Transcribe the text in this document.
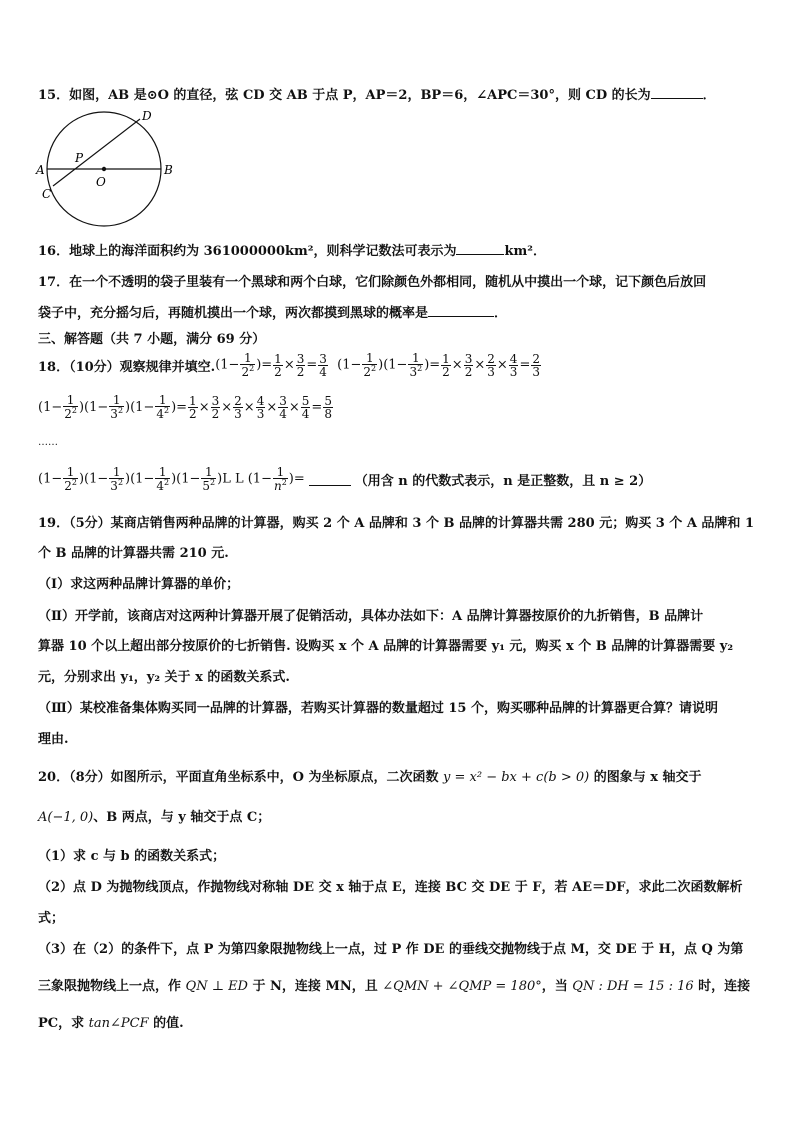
15．如图，AB 是⊙O 的直径，弦 CD 交 AB 于点 P，AP＝2，BP＝6，∠APC＝30°，则 CD 的长为	．
A	B
C
D
O
P
16．地球上的海洋面积约为 361000000km²，则科学记数法可表示为	km²．
17．在一个不透明的袋子里装有一个黑球和两个白球，它们除颜色外都相同，随机从中摸出一个球，记下颜色后放回
袋子中，充分摇匀后，再随机摸出一个球，两次都摸到黑球的概率是	．
三、解答题（共 7 小题，满分 69 分）
18．（10分）观察规律并填空. ($1- \frac{1}{2^2}$ )= $\frac{1}{2} \times \frac{3}{2} = \frac{3}{4} (1- \frac{1}{2^2} )(1- \frac{1}{3^2}$ )= $\frac{1}{2} \times \frac{3}{2} \times \frac{2}{3} \times \frac{4}{3} = \frac{2}{3}$
$(1- \frac{1}{2^2} )(1- \frac{1}{3^2} )(1- \frac{1}{4^2}$ )= $\frac{1}{2} \times \frac{3}{2} \times \frac{2}{3} \times \frac{4}{3} \times \frac{3}{4} \times \frac{5}{4} = \frac{5}{8}$
……
$(1- \frac{1}{2^2} )(1- \frac{1}{3^2} )(1- \frac{1}{4^2} )(1- \frac{1}{5^2} )L$ L ($1- \frac{1}{n^2}$ )=	（用含 n 的代数式表示，n 是正整数，且 n ≥ 2）
19．（5分）某商店销售两种品牌的计算器，购买 2 个 A 品牌和 3 个 B 品牌的计算器共需 280 元；购买 3 个 A 品牌和 1
个 B 品牌的计算器共需 210 元.
（Ⅰ）求这两种品牌计算器的单价；
（Ⅱ）开学前，该商店对这两种计算器开展了促销活动，具体办法如下：A 品牌计算器按原价的九折销售，B 品牌计
算器 10 个以上超出部分按原价的七折销售. 设购买 x 个 A 品牌的计算器需要 y₁ 元，购买 x 个 B 品牌的计算器需要 y₂
元，分别求出 y₁，y₂ 关于 x 的函数关系式.
（Ⅲ）某校准备集体购买同一品牌的计算器，若购买计算器的数量超过 15 个，购买哪种品牌的计算器更合算？请说明
理由.
20．（8分）如图所示，平面直角坐标系中，O 为坐标原点，二次函数 y = x² − bx + c(b > 0) 的图象与 x 轴交于
A(−1, 0)、B 两点，与 y 轴交于点 C；
（1）求 c 与 b 的函数关系式；
（2）点 D 为抛物线顶点，作抛物线对称轴 DE 交 x 轴于点 E，连接 BC 交 DE 于 F，若 AE＝DF，求此二次函数解析
式；
（3）在（2）的条件下，点 P 为第四象限抛物线上一点，过 P 作 DE 的垂线交抛物线于点 M，交 DE 于 H，点 Q 为第
三象限抛物线上一点，作 QN ⊥ ED 于 N，连接 MN，且 ∠QMN + ∠QMP = 180°，当 QN : DH = 15 : 16 时，连接
PC，求 tan∠PCF 的值.
